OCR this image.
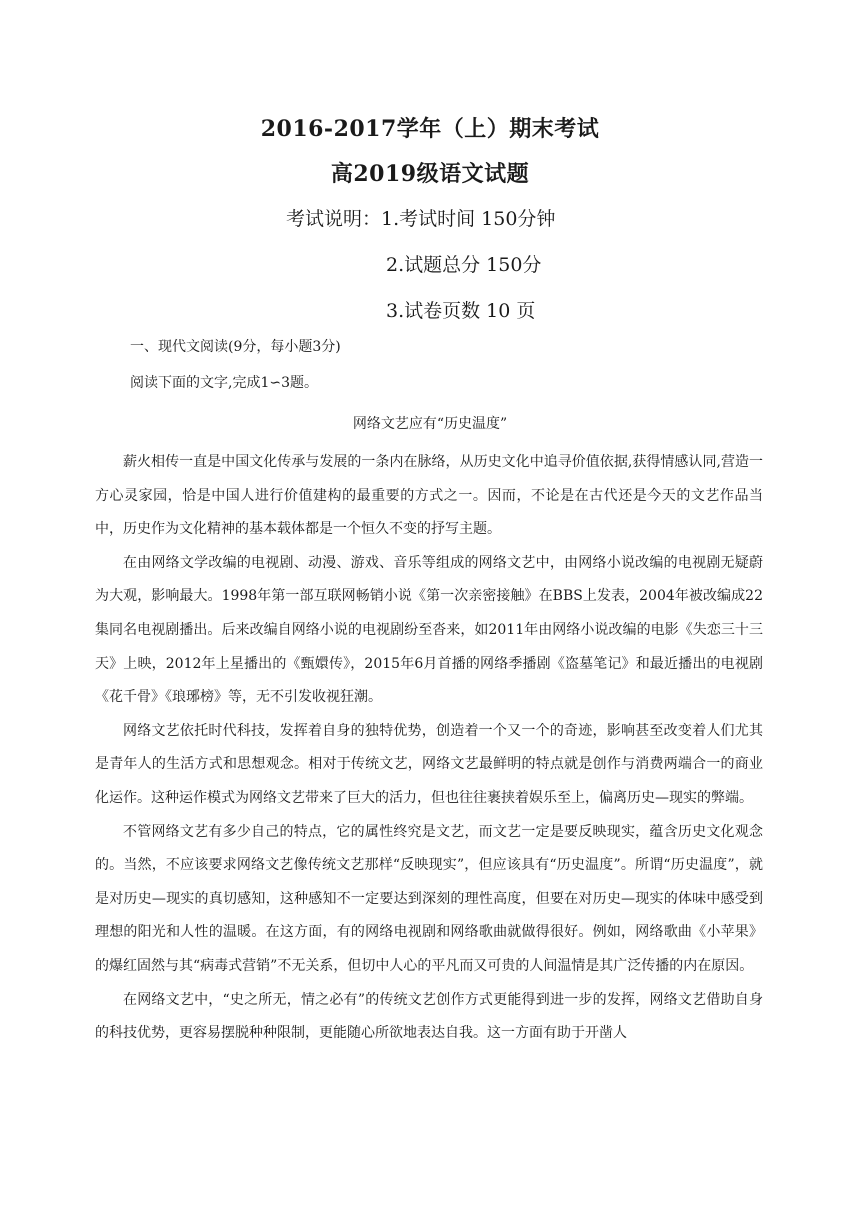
2016-2017学年（上）期末考试
高2019级语文试题
考试说明：1.考试时间 150分钟
2.试题总分 150分
3.试卷页数 10 页
一、现代文阅读(9分，每小题3分)
阅读下面的文字,完成1∽3题。
网络文艺应有“历史温度”

薪火相传一直是中国文化传承与发展的一条内在脉络，从历史文化中追寻价值依据,获得情感认同,营造一方心灵家园，恰是中国人进行价值建构的最重要的方式之一。因而，不论是在古代还是今天的文艺作品当中，历史作为文化精神的基本载体都是一个恒久不变的抒写主题。

在由网络文学改编的电视剧、动漫、游戏、音乐等组成的网络文艺中，由网络小说改编的电视剧无疑蔚为大观，影响最大。1998年第一部互联网畅销小说《第一次亲密接触》在BBS上发表，2004年被改编成22集同名电视剧播出。后来改编自网络小说的电视剧纷至沓来，如2011年由网络小说改编的电影《失恋三十三天》上映，2012年上星播出的《甄嬛传》，2015年6月首播的网络季播剧《盗墓笔记》和最近播出的电视剧《花千骨》《琅琊榜》等，无不引发收视狂潮。

网络文艺依托时代科技，发挥着自身的独特优势，创造着一个又一个的奇迹，影响甚至改变着人们尤其是青年人的生活方式和思想观念。相对于传统文艺，网络文艺最鲜明的特点就是创作与消费两端合一的商业化运作。这种运作模式为网络文艺带来了巨大的活力，但也往往裹挟着娱乐至上，偏离历史—现实的弊端。

不管网络文艺有多少自己的特点，它的属性终究是文艺，而文艺一定是要反映现实，蕴含历史文化观念的。当然，不应该要求网络文艺像传统文艺那样“反映现实”，但应该具有“历史温度”。所谓“历史温度”，就是对历史—现实的真切感知，这种感知不一定要达到深刻的理性高度，但要在对历史—现实的体味中感受到理想的阳光和人性的温暖。在这方面，有的网络电视剧和网络歌曲就做得很好。例如，网络歌曲《小苹果》的爆红固然与其“病毒式营销”不无关系，但切中人心的平凡而又可贵的人间温情是其广泛传播的内在原因。

在网络文艺中，“史之所无，情之必有”的传统文艺创作方式更能得到进一步的发挥，网络文艺借助自身的科技优势，更容易摆脱种种限制，更能随心所欲地表达自我。这一方面有助于开凿人
